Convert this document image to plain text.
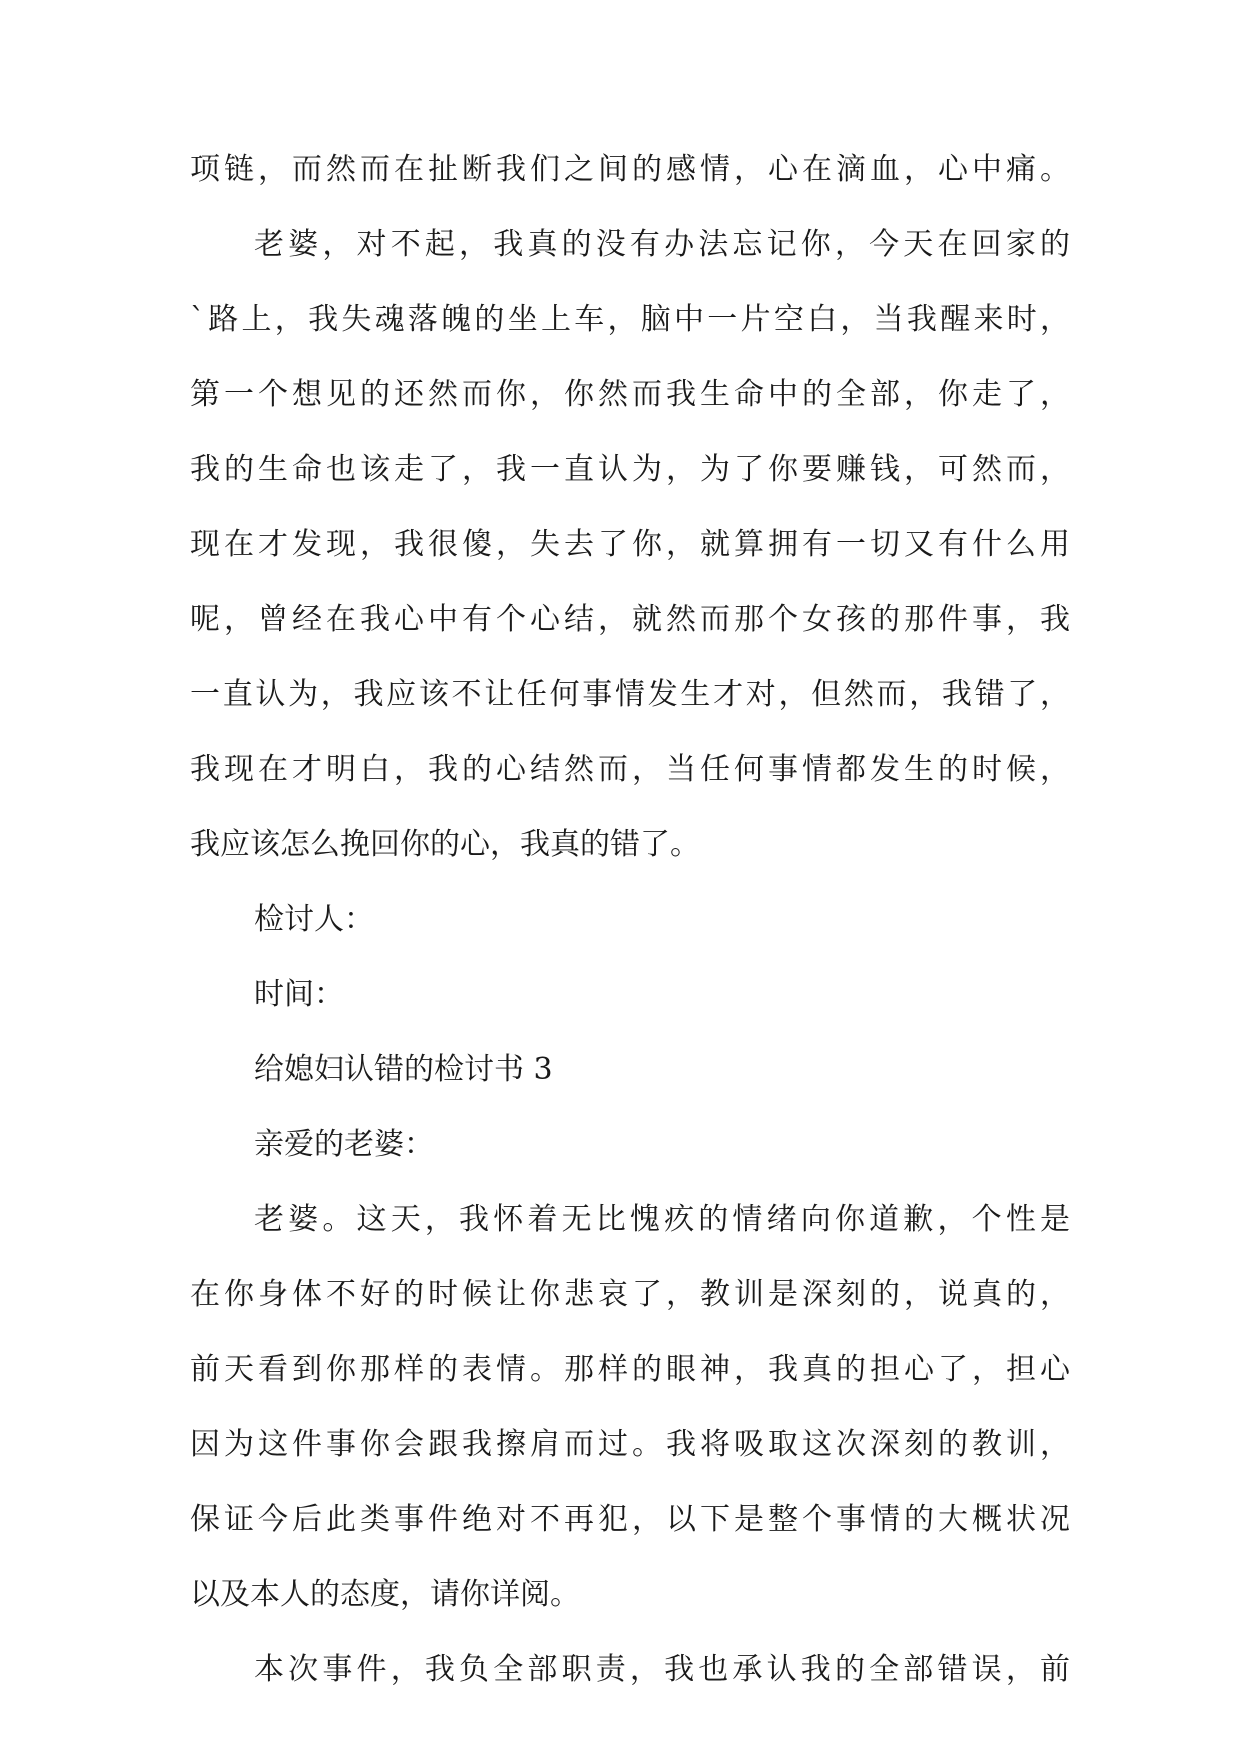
项链，而然而在扯断我们之间的感情，心在滴血，心中痛。
老婆，对不起，我真的没有办法忘记你，今天在回家的
`路上，我失魂落魄的坐上车，脑中一片空白，当我醒来时，
第一个想见的还然而你，你然而我生命中的全部，你走了，
我的生命也该走了，我一直认为，为了你要赚钱，可然而，
现在才发现，我很傻，失去了你，就算拥有一切又有什么用
呢，曾经在我心中有个心结，就然而那个女孩的那件事，我
一直认为，我应该不让任何事情发生才对，但然而，我错了，
我现在才明白，我的心结然而，当任何事情都发生的时候，
我应该怎么挽回你的心，我真的错了。
检讨人：
时间：
给媳妇认错的检讨书 3
亲爱的老婆：
老婆。这天，我怀着无比愧疚的情绪向你道歉，个性是
在你身体不好的时候让你悲哀了，教训是深刻的，说真的，
前天看到你那样的表情。那样的眼神，我真的担心了，担心
因为这件事你会跟我擦肩而过。我将吸取这次深刻的教训，
保证今后此类事件绝对不再犯，以下是整个事情的大概状况
以及本人的态度，请你详阅。
本次事件，我负全部职责，我也承认我的全部错误，前
